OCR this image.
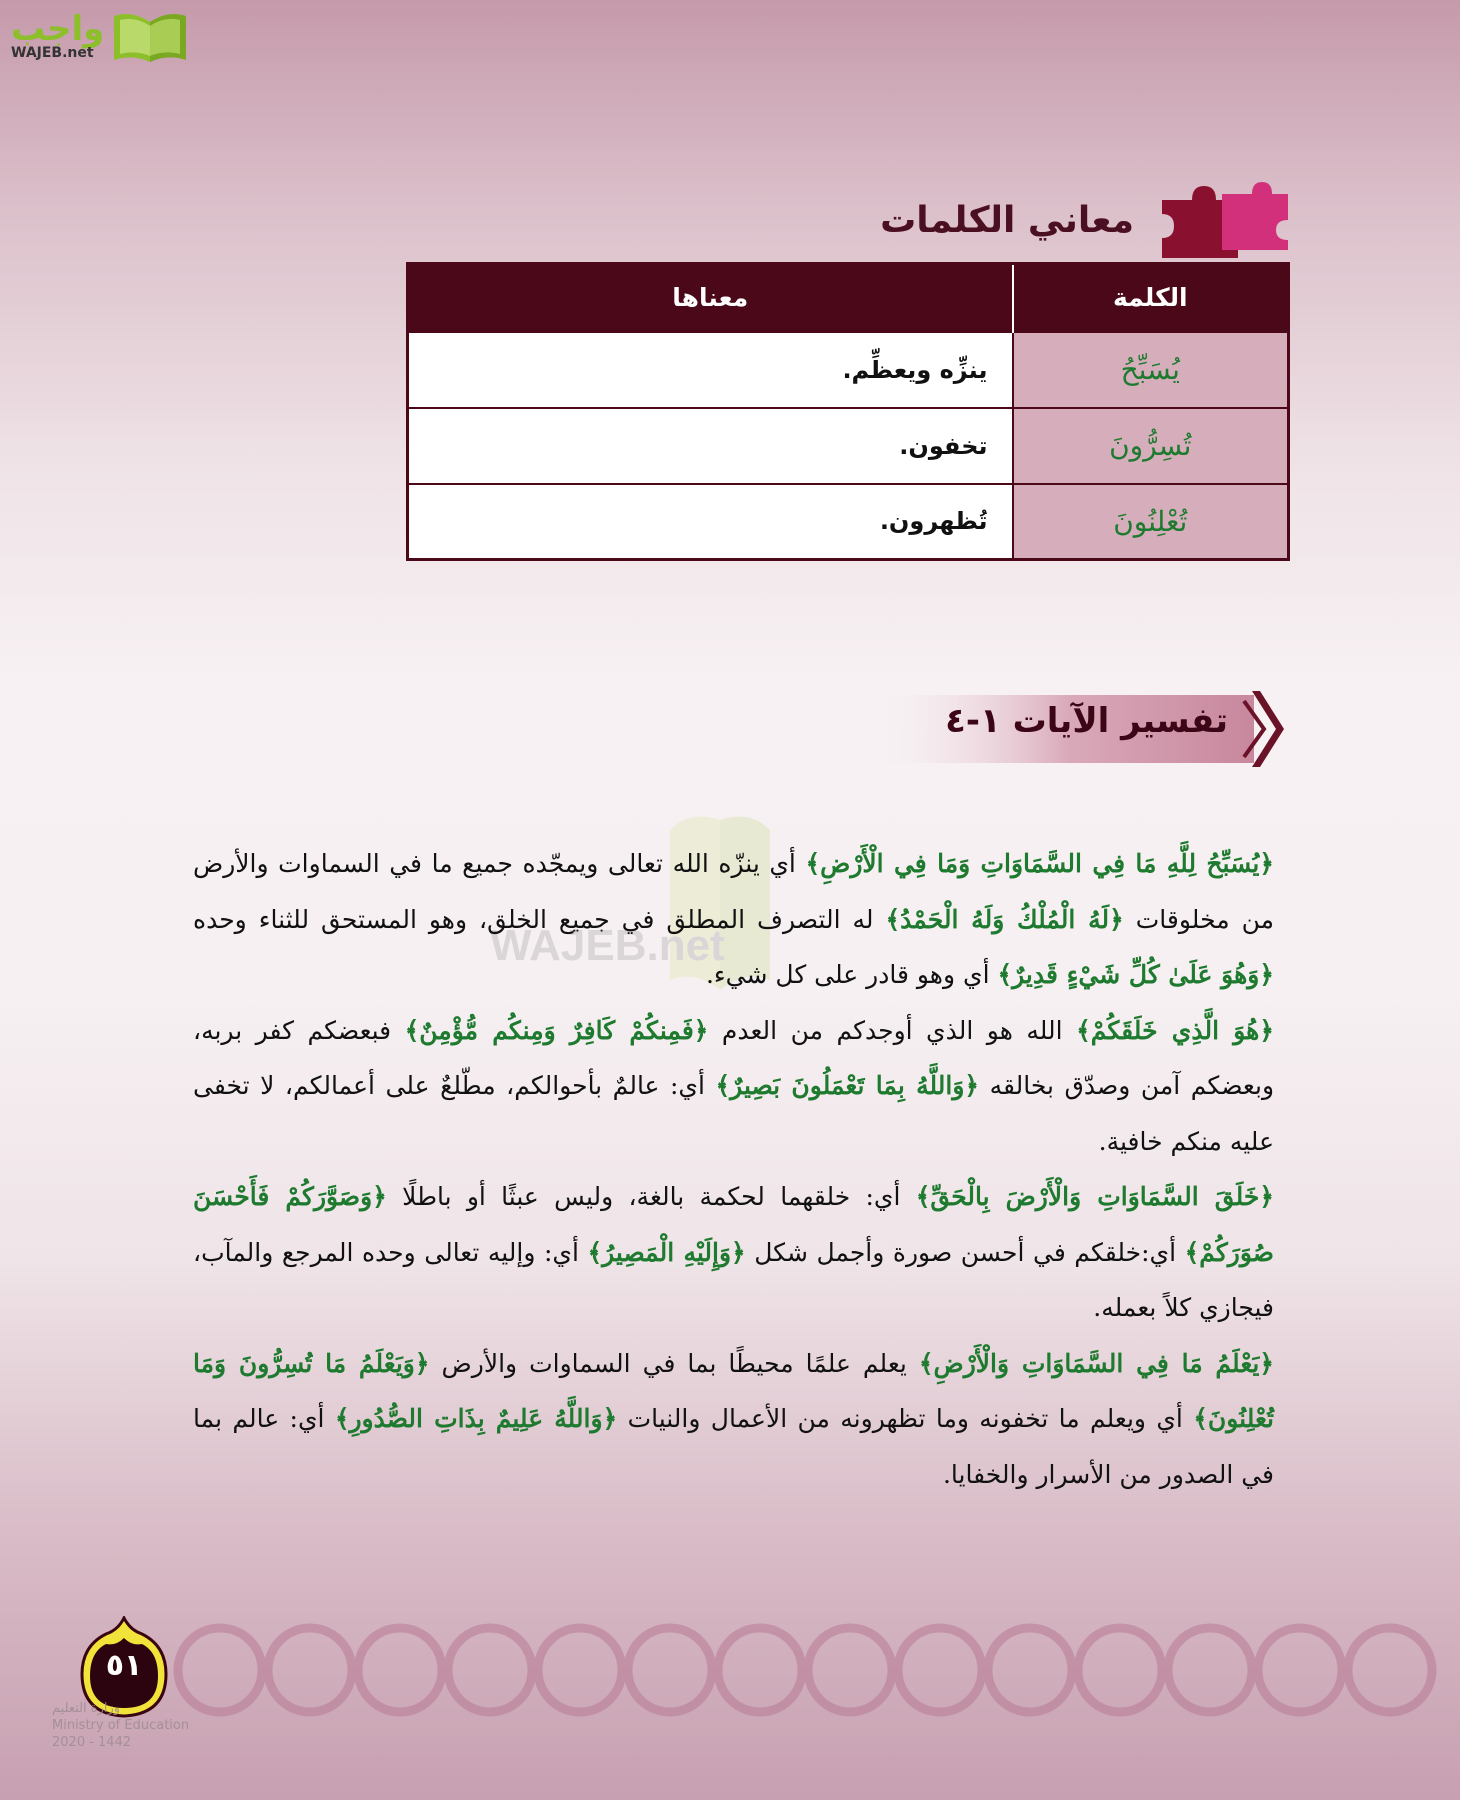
واجب
WAJEB.net
معاني الكلمات
الكلمة	معناها
يُسَبِّحُ	ينزِّه ويعظِّم.
تُسِرُّونَ	تخفون.
تُعْلِنُونَ	تُظهرون.
تفسير الآيات ١-٤
WAJEB.net

﴿يُسَبِّحُ لِلَّهِ مَا فِي السَّمَاوَاتِ وَمَا فِي الْأَرْضِ﴾ أي ينزّه الله تعالى ويمجّده جميع ما في السماوات والأرض من مخلوقات ﴿لَهُ الْمُلْكُ وَلَهُ الْحَمْدُ﴾ له التصرف المطلق في جميع الخلق، وهو المستحق للثناء وحده ﴿وَهُوَ عَلَىٰ كُلِّ شَيْءٍ قَدِيرٌ﴾ أي وهو قادر على كل شيء.

﴿هُوَ الَّذِي خَلَقَكُمْ﴾ الله هو الذي أوجدكم من العدم ﴿فَمِنكُمْ كَافِرٌ وَمِنكُم مُّؤْمِنٌ﴾ فبعضكم كفر بربه، وبعضكم آمن وصدّق بخالقه ﴿وَاللَّهُ بِمَا تَعْمَلُونَ بَصِيرٌ﴾ أي: عالمٌ بأحوالكم، مطّلعٌ على أعمالكم، لا تخفى عليه منكم خافية.

﴿خَلَقَ السَّمَاوَاتِ وَالْأَرْضَ بِالْحَقِّ﴾ أي: خلقهما لحكمة بالغة، وليس عبثًا أو باطلًا ﴿وَصَوَّرَكُمْ فَأَحْسَنَ صُوَرَكُمْ﴾ أي:خلقكم في أحسن صورة وأجمل شكل ﴿وَإِلَيْهِ الْمَصِيرُ﴾ أي: وإليه تعالى وحده المرجع والمآب، فيجازي كلاً بعمله.

﴿يَعْلَمُ مَا فِي السَّمَاوَاتِ وَالْأَرْضِ﴾ يعلم علمًا محيطًا بما في السماوات والأرض ﴿وَيَعْلَمُ مَا تُسِرُّونَ وَمَا تُعْلِنُونَ﴾ أي ويعلم ما تخفونه وما تظهرونه من الأعمال والنيات ﴿وَاللَّهُ عَلِيمٌ بِذَاتِ الصُّدُورِ﴾ أي: عالم بما في الصدور من الأسرار والخفايا.

٥١
وزارة التعليم
Ministry of Education
2020 - 1442
